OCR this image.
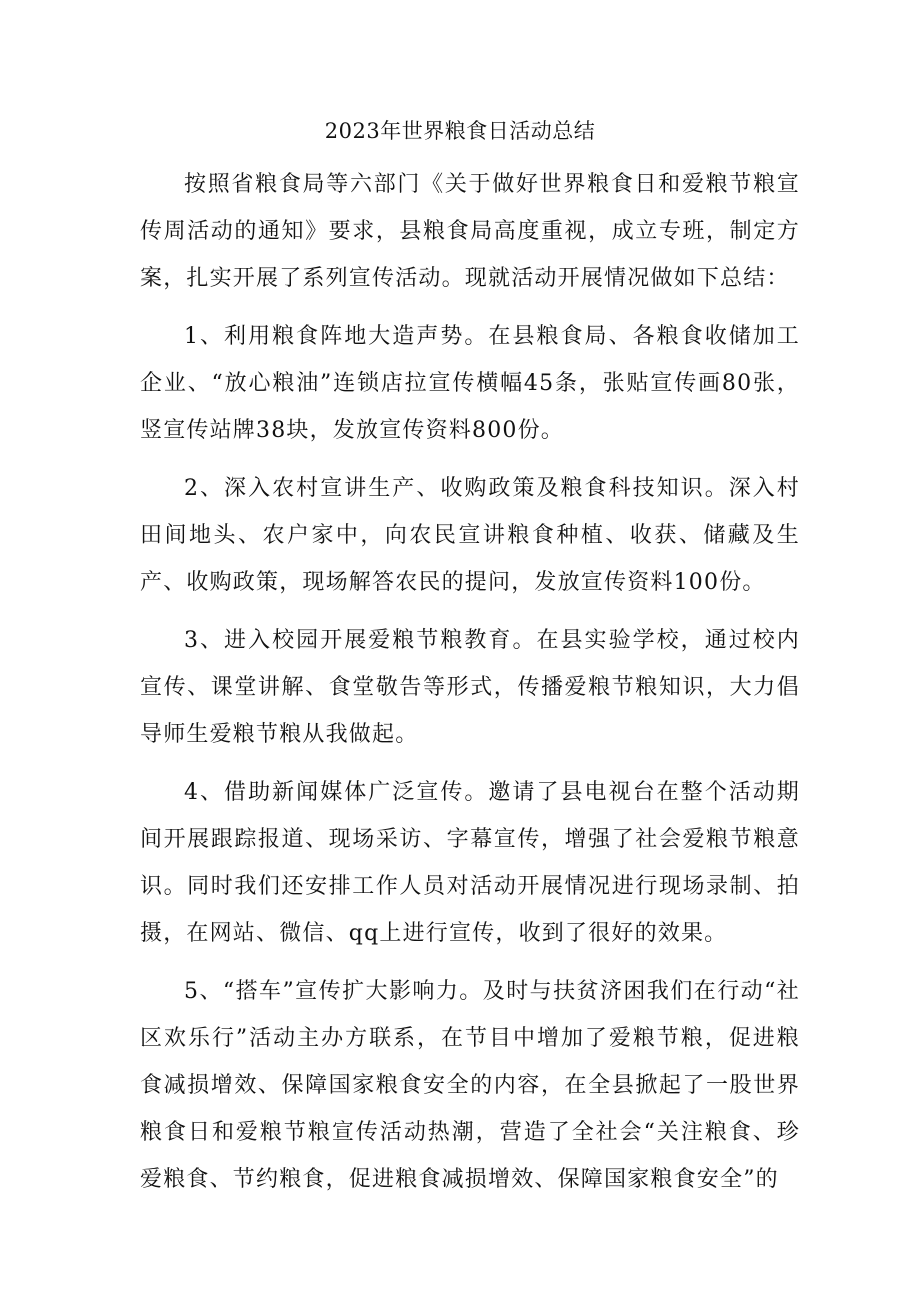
2023年世界粮食日活动总结

按照省粮食局等六部门《关于做好世界粮食日和爱粮节粮宣传周活动的通知》要求，县粮食局高度重视，成立专班，制定方案，扎实开展了系列宣传活动。现就活动开展情况做如下总结：

1、利用粮食阵地大造声势。在县粮食局、各粮食收储加工企业、“放心粮油”连锁店拉宣传横幅45条，张贴宣传画80张，竖宣传站牌38块，发放宣传资料800份。

2、深入农村宣讲生产、收购政策及粮食科技知识。深入村田间地头、农户家中，向农民宣讲粮食种植、收获、储藏及生产、收购政策，现场解答农民的提问，发放宣传资料100份。

3、进入校园开展爱粮节粮教育。在县实验学校，通过校内宣传、课堂讲解、食堂敬告等形式，传播爱粮节粮知识，大力倡导师生爱粮节粮从我做起。

4、借助新闻媒体广泛宣传。邀请了县电视台在整个活动期间开展跟踪报道、现场采访、字幕宣传，增强了社会爱粮节粮意识。同时我们还安排工作人员对活动开展情况进行现场录制、拍摄，在网站、微信、qq上进行宣传，收到了很好的效果。

5、“搭车”宣传扩大影响力。及时与扶贫济困我们在行动“社区欢乐行”活动主办方联系，在节目中增加了爱粮节粮，促进粮食减损增效、保障国家粮食安全的内容，在全县掀起了一股世界粮食日和爱粮节粮宣传活动热潮，营造了全社会“关注粮食、珍爱粮食、节约粮食，促进粮食减损增效、保障国家粮食安全”的
